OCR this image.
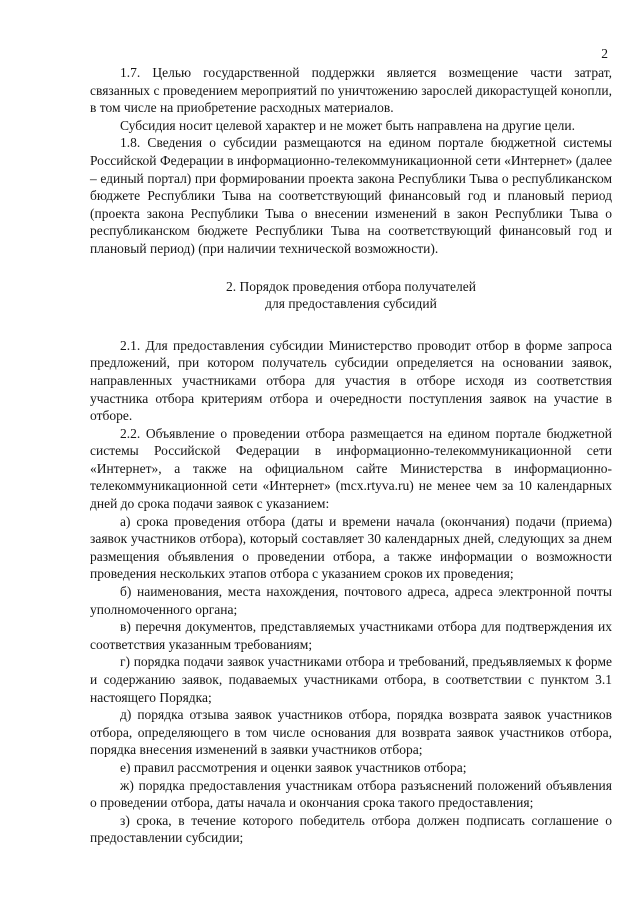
2

1.7. Целью государственной поддержки является возмещение части затрат, связанных с проведением мероприятий по уничтожению зарослей дикорастущей конопли, в том числе на приобретение расходных материалов.

Субсидия носит целевой характер и не может быть направлена на другие цели.

1.8. Сведения о субсидии размещаются на едином портале бюджетной системы Российской Федерации в информационно-телекоммуникационной сети «Интернет» (далее – единый портал) при формировании проекта закона Республики Тыва о республиканском бюджете Республики Тыва на соответствующий финансовый год и плановый период (проекта закона Республики Тыва о внесении изменений в закон Республики Тыва о республиканском бюджете Республики Тыва на соответствующий финансовый год и плановый период) (при наличии технической возможности).

2. Порядок проведения отбора получателей
для предоставления субсидий

2.1. Для предоставления субсидии Министерство проводит отбор в форме запроса предложений, при котором получатель субсидии определяется на основании заявок, направленных участниками отбора для участия в отборе исходя из соответствия участника отбора критериям отбора и очередности поступления заявок на участие в отборе.

2.2. Объявление о проведении отбора размещается на едином портале бюджетной системы Российской Федерации в информационно-телекоммуникационной сети «Интернет», а также на официальном сайте Министерства в информационно-телекоммуникационной сети «Интернет» (mcx.rtyva.ru) не менее чем за 10 календарных дней до срока подачи заявок с указанием:

а) срока проведения отбора (даты и времени начала (окончания) подачи (приема) заявок участников отбора), который составляет 30 календарных дней, следующих за днем размещения объявления о проведении отбора, а также информации о возможности проведения нескольких этапов отбора с указанием сроков их проведения;

б) наименования, места нахождения, почтового адреса, адреса электронной почты уполномоченного органа;

в) перечня документов, представляемых участниками отбора для подтверждения их соответствия указанным требованиям;

г) порядка подачи заявок участниками отбора и требований, предъявляемых к форме и содержанию заявок, подаваемых участниками отбора, в соответствии с пунктом 3.1 настоящего Порядка;

д) порядка отзыва заявок участников отбора, порядка возврата заявок участников отбора, определяющего в том числе основания для возврата заявок участников отбора, порядка внесения изменений в заявки участников отбора;

е) правил рассмотрения и оценки заявок участников отбора;

ж) порядка предоставления участникам отбора разъяснений положений объявления о проведении отбора, даты начала и окончания срока такого предоставления;

з) срока, в течение которого победитель отбора должен подписать соглашение о предоставлении субсидии;
